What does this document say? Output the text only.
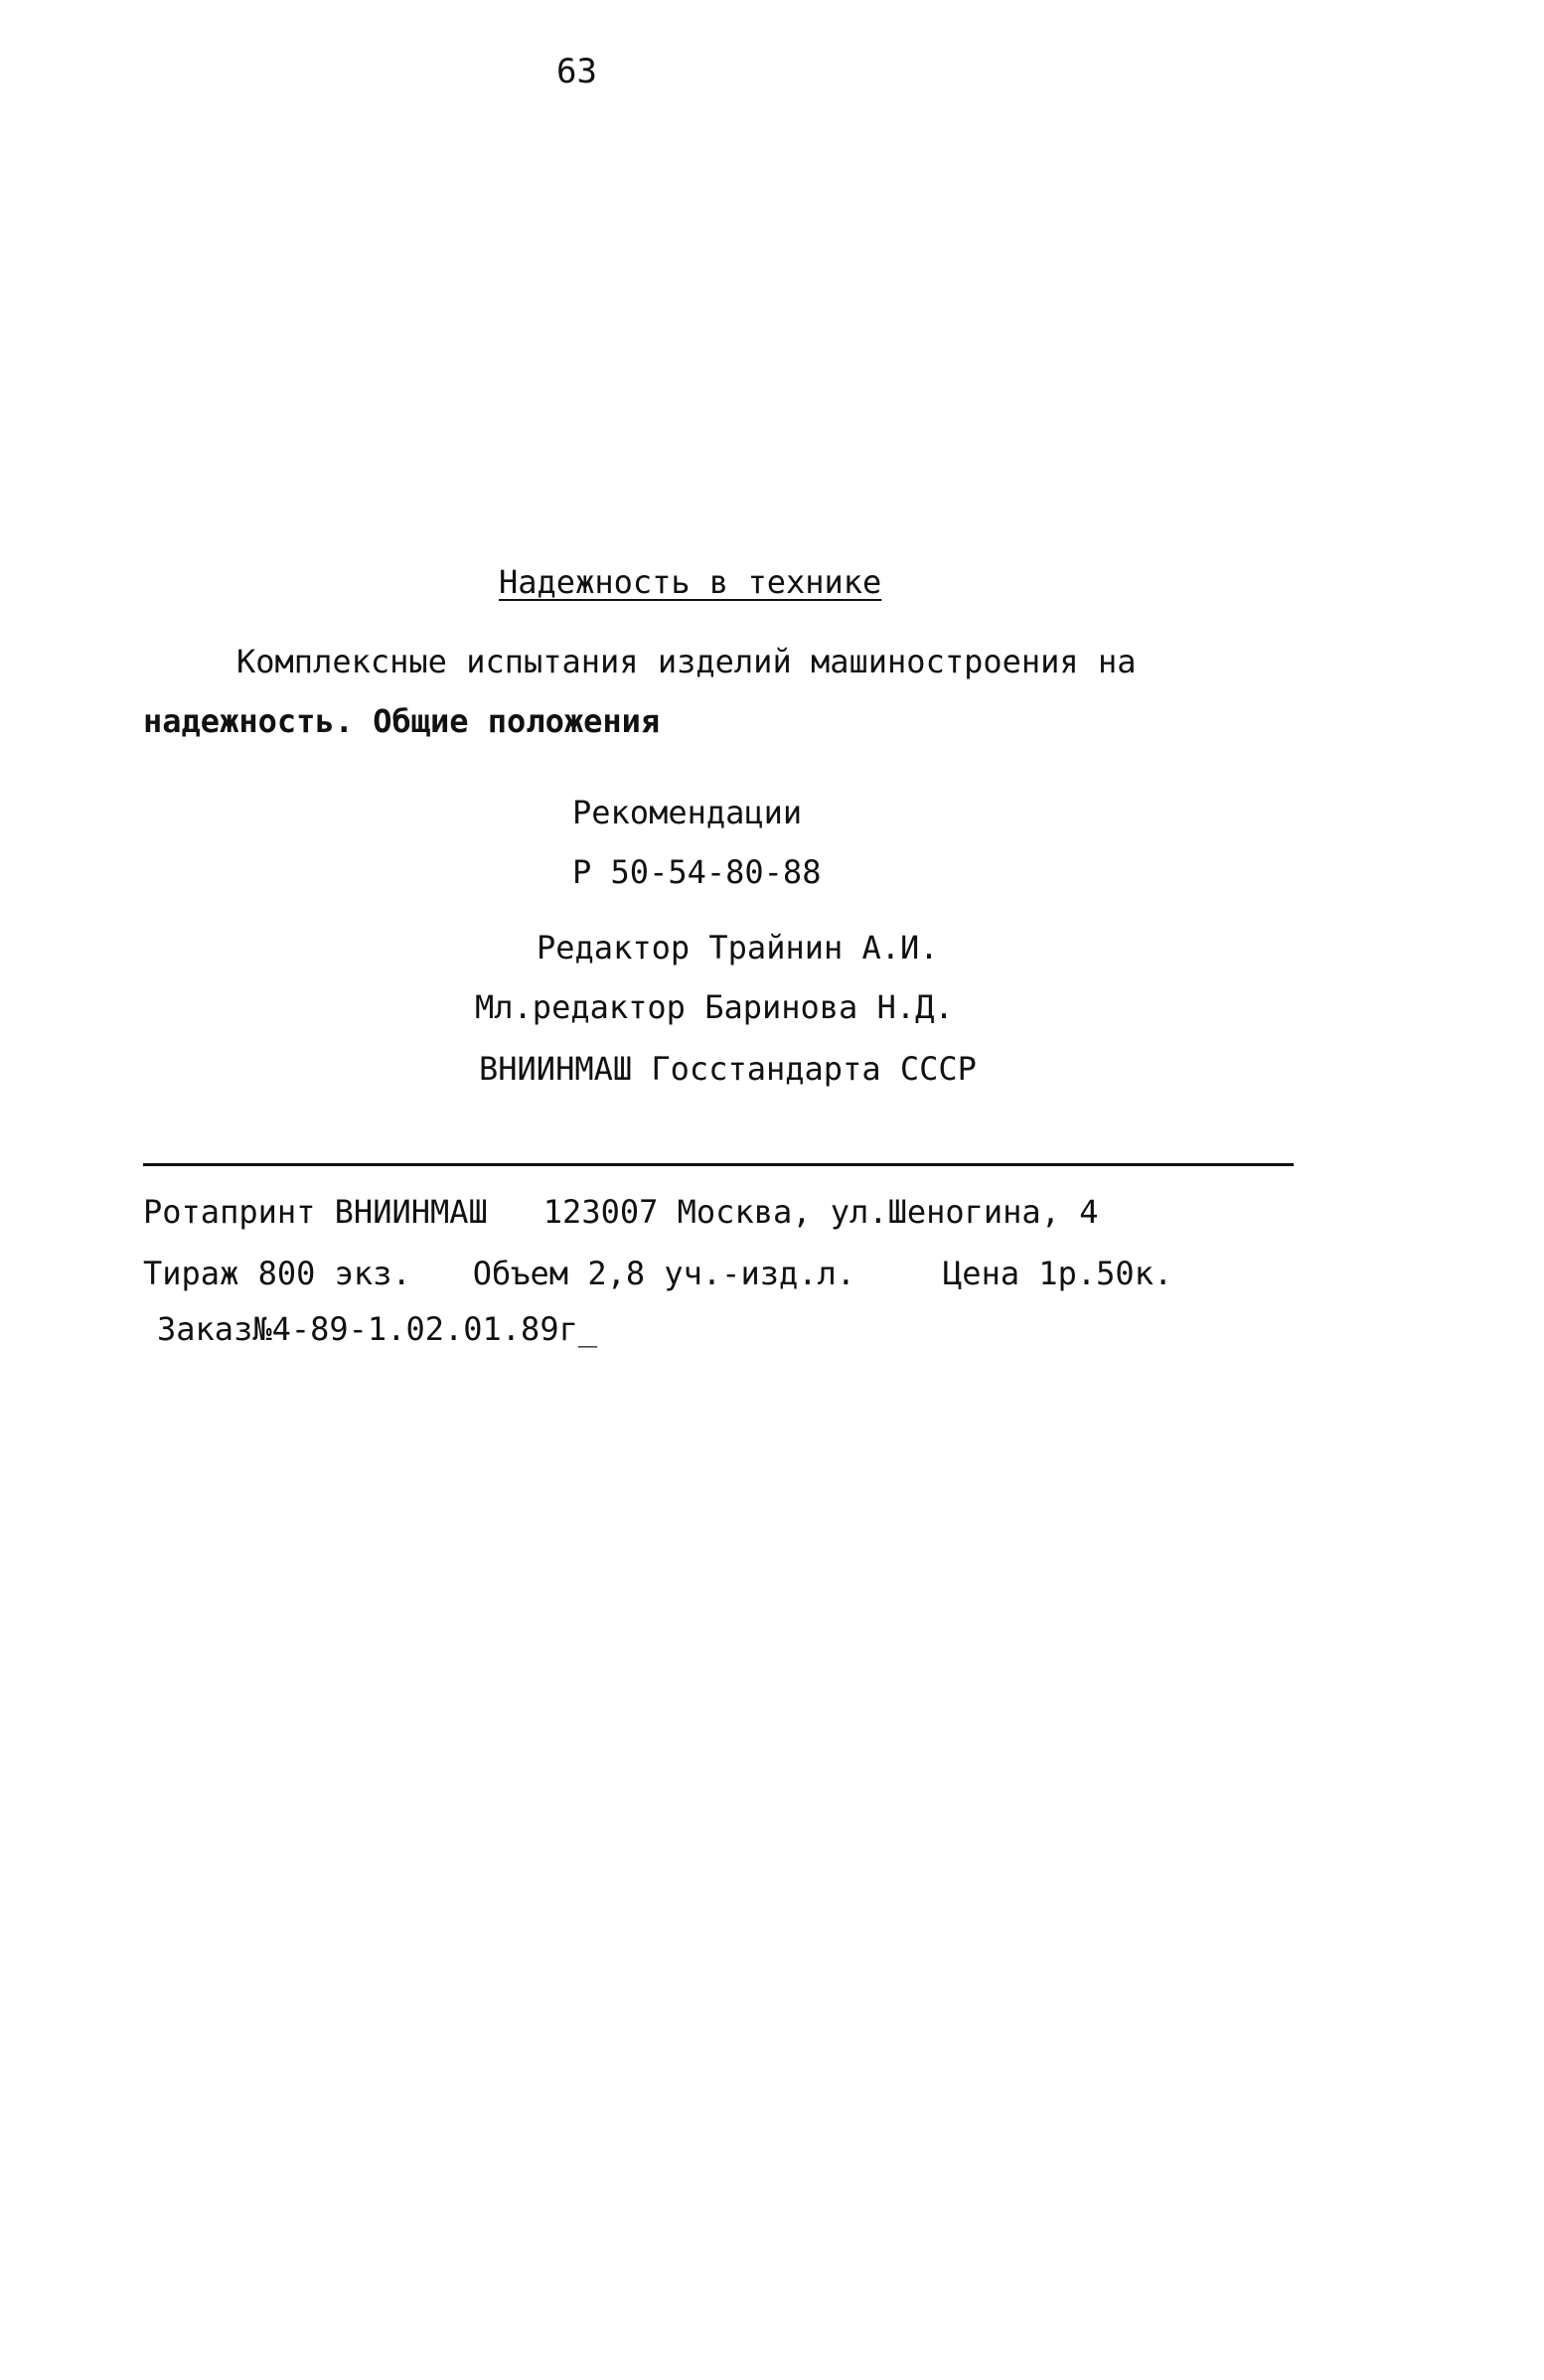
63
Надежность в технике
Комплексные испытания изделий машиностроения на
надежность. Общие положения
Рекомендации
Р 50-54-80-88
Редактор Трайнин А.И.
Мл.редактор Баринова Н.Д.
ВНИИНМАШ Госстандарта СССР
Ротапринт ВНИИНМАШ 123007 Москва, ул.Шеногина, 4
Тираж 800 экз. Объем 2,8 уч.-изд.л.	Цена 1р.50к.
Заказ№4-89-1.02.01.89г_
